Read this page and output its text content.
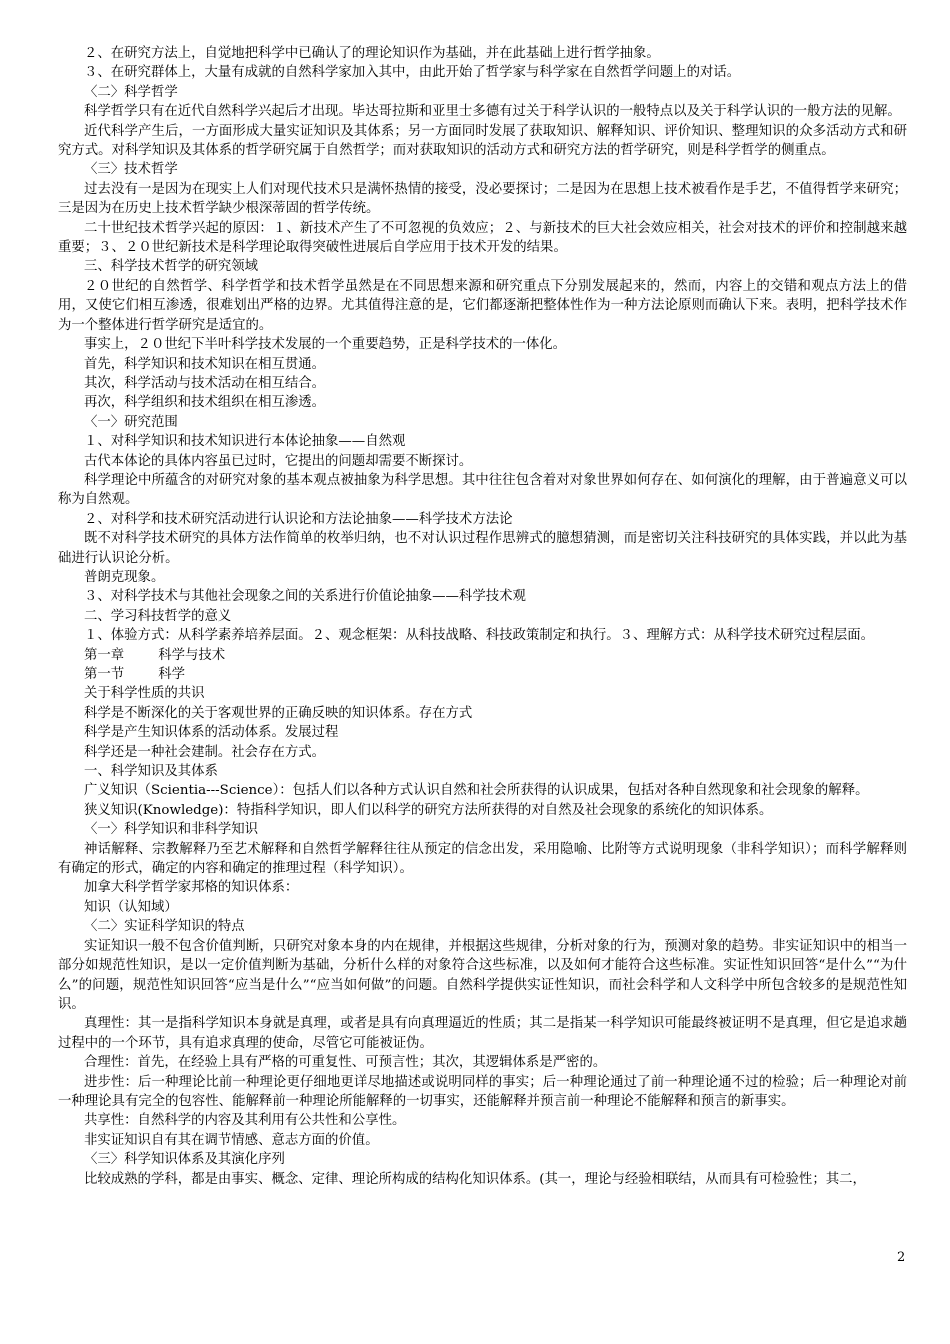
２、在研究方法上，自觉地把科学中已确认了的理论知识作为基础，并在此基础上进行哲学抽象。

３、在研究群体上，大量有成就的自然科学家加入其中，由此开始了哲学家与科学家在自然哲学问题上的对话。

〈二〉科学哲学

科学哲学只有在近代自然科学兴起后才出现。毕达哥拉斯和亚里士多德有过关于科学认识的一般特点以及关于科学认识的一般方法的见解。

近代科学产生后，一方面形成大量实证知识及其体系；另一方面同时发展了获取知识、解释知识、评价知识、整理知识的众多活动方式和研究方式。对科学知识及其体系的哲学研究属于自然哲学；而对获取知识的活动方式和研究方法的哲学研究，则是科学哲学的侧重点。

〈三〉技术哲学

过去没有一是因为在现实上人们对现代技术只是满怀热情的接受，没必要探讨；二是因为在思想上技术被看作是手艺，不值得哲学来研究；三是因为在历史上技术哲学缺少根深蒂固的哲学传统。

二十世纪技术哲学兴起的原因：１、新技术产生了不可忽视的负效应；２、与新技术的巨大社会效应相关，社会对技术的评价和控制越来越重要；３、２０世纪新技术是科学理论取得突破性进展后自学应用于技术开发的结果。

三、科学技术哲学的研究领域

２０世纪的自然哲学、科学哲学和技术哲学虽然是在不同思想来源和研究重点下分别发展起来的，然而，内容上的交错和观点方法上的借用，又使它们相互渗透，很难划出严格的边界。尤其值得注意的是，它们都逐渐把整体性作为一种方法论原则而确认下来。表明，把科学技术作为一个整体进行哲学研究是适宜的。

事实上，２０世纪下半叶科学技术发展的一个重要趋势，正是科学技术的一体化。

首先，科学知识和技术知识在相互贯通。

其次，科学活动与技术活动在相互结合。

再次，科学组织和技术组织在相互渗透。

〈一〉研究范围

１、对科学知识和技术知识进行本体论抽象——自然观

古代本体论的具体内容虽已过时，它提出的问题却需要不断探讨。

科学理论中所蕴含的对研究对象的基本观点被抽象为科学思想。其中往往包含着对对象世界如何存在、如何演化的理解，由于普遍意义可以称为自然观。

２、对科学和技术研究活动进行认识论和方法论抽象——科学技术方法论

既不对科学技术研究的具体方法作简单的枚举归纳，也不对认识过程作思辨式的臆想猜测，而是密切关注科技研究的具体实践，并以此为基础进行认识论分析。

普朗克现象。

３、对科学技术与其他社会现象之间的关系进行价值论抽象——科学技术观

二、学习科技哲学的意义

１、体验方式：从科学素养培养层面。２、观念框架：从科技战略、科技政策制定和执行。３、理解方式：从科学技术研究过程层面。

第一章        科学与技术

第一节        科学

关于科学性质的共识

科学是不断深化的关于客观世界的正确反映的知识体系。存在方式

科学是产生知识体系的活动体系。发展过程

科学还是一种社会建制。社会存在方式。

一、科学知识及其体系

广义知识（Scientia---Science）：包括人们以各种方式认识自然和社会所获得的认识成果，包括对各种自然现象和社会现象的解释。

狭义知识(Knowledge)：特指科学知识，即人们以科学的研究方法所获得的对自然及社会现象的系统化的知识体系。

〈一〉科学知识和非科学知识

神话解释、宗教解释乃至艺术解释和自然哲学解释往往从预定的信念出发，采用隐喻、比附等方式说明现象（非科学知识）；而科学解释则有确定的形式，确定的内容和确定的推理过程（科学知识）。

加拿大科学哲学家邦格的知识体系：

知识（认知域）

〈二〉实证科学知识的特点

实证知识一般不包含价值判断，只研究对象本身的内在规律，并根据这些规律，分析对象的行为，预测对象的趋势。非实证知识中的相当一部分如规范性知识，是以一定价值判断为基础，分析什么样的对象符合这些标准，以及如何才能符合这些标准。实证性知识回答“是什么”“为什么”的问题，规范性知识回答“应当是什么”“应当如何做”的问题。自然科学提供实证性知识，而社会科学和人文科学中所包含较多的是规范性知识。

真理性：其一是指科学知识本身就是真理，或者是具有向真理逼近的性质；其二是指某一科学知识可能最终被证明不是真理，但它是追求趟过程中的一个环节，具有追求真理的使命，尽管它可能被证伪。

合理性：首先，在经验上具有严格的可重复性、可预言性；其次，其逻辑体系是严密的。

进步性：后一种理论比前一种理论更仔细地更详尽地描述或说明同样的事实；后一种理论通过了前一种理论通不过的检验；后一种理论对前一种理论具有完全的包容性、能解释前一种理论所能解释的一切事实，还能解释并预言前一种理论不能解释和预言的新事实。

共享性：自然科学的内容及其利用有公共性和公享性。

非实证知识自有其在调节情感、意志方面的价值。

〈三〉科学知识体系及其演化序列

比较成熟的学科，都是由事实、概念、定律、理论所构成的结构化知识体系。(其一，理论与经验相联结，从而具有可检验性；其二，

2
